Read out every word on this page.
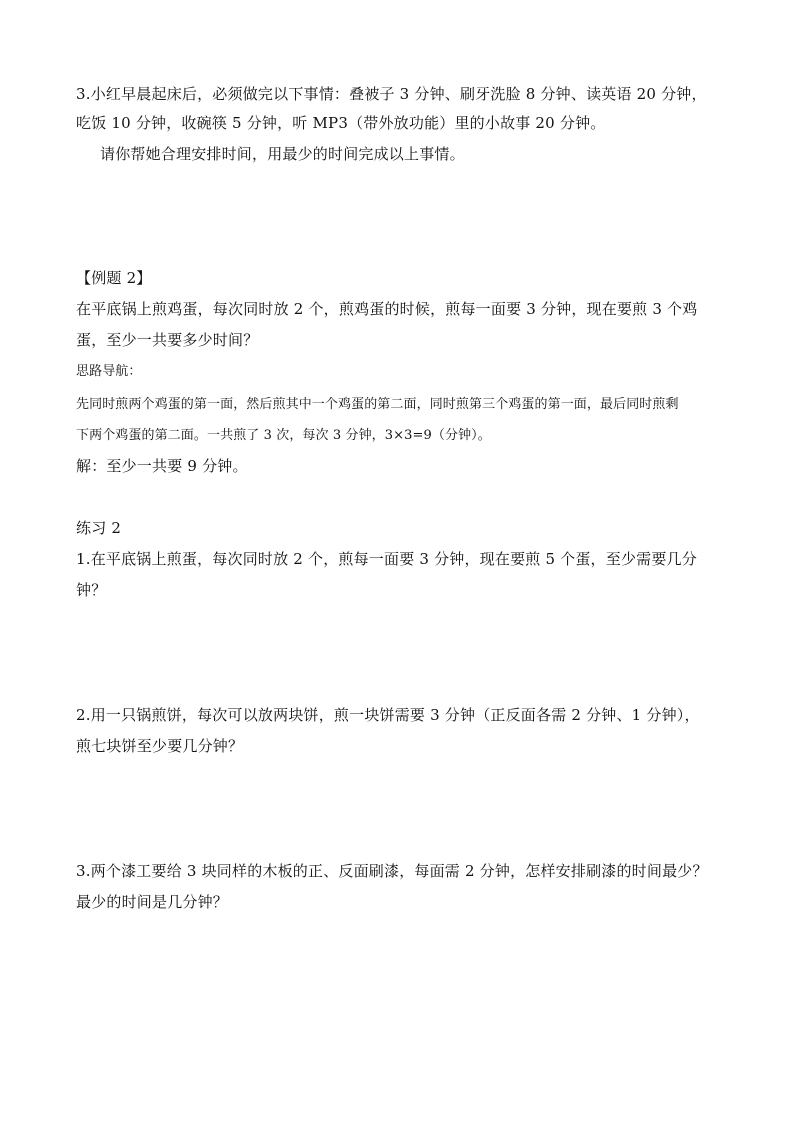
3.小红早晨起床后，必须做完以下事情：叠被子 3 分钟、刷牙洗脸 8 分钟、读英语 20 分钟，
吃饭 10 分钟，收碗筷 5 分钟，听 MP3（带外放功能）里的小故事 20 分钟。
请你帮她合理安排时间，用最少的时间完成以上事情。
【例题 2】
在平底锅上煎鸡蛋，每次同时放 2 个，煎鸡蛋的时候，煎每一面要 3 分钟，现在要煎 3 个鸡
蛋，至少一共要多少时间？
思路导航：
先同时煎两个鸡蛋的第一面，然后煎其中一个鸡蛋的第二面，同时煎第三个鸡蛋的第一面，最后同时煎剩
下两个鸡蛋的第二面。一共煎了 3 次，每次 3 分钟，3×3=9（分钟）。
解：至少一共要 9 分钟。
练习 2
1.在平底锅上煎蛋，每次同时放 2 个，煎每一面要 3 分钟，现在要煎 5 个蛋，至少需要几分
钟？
2.用一只锅煎饼，每次可以放两块饼，煎一块饼需要 3 分钟（正反面各需 2 分钟、1 分钟），
煎七块饼至少要几分钟？
3.两个漆工要给 3 块同样的木板的正、反面刷漆，每面需 2 分钟，怎样安排刷漆的时间最少？
最少的时间是几分钟？
